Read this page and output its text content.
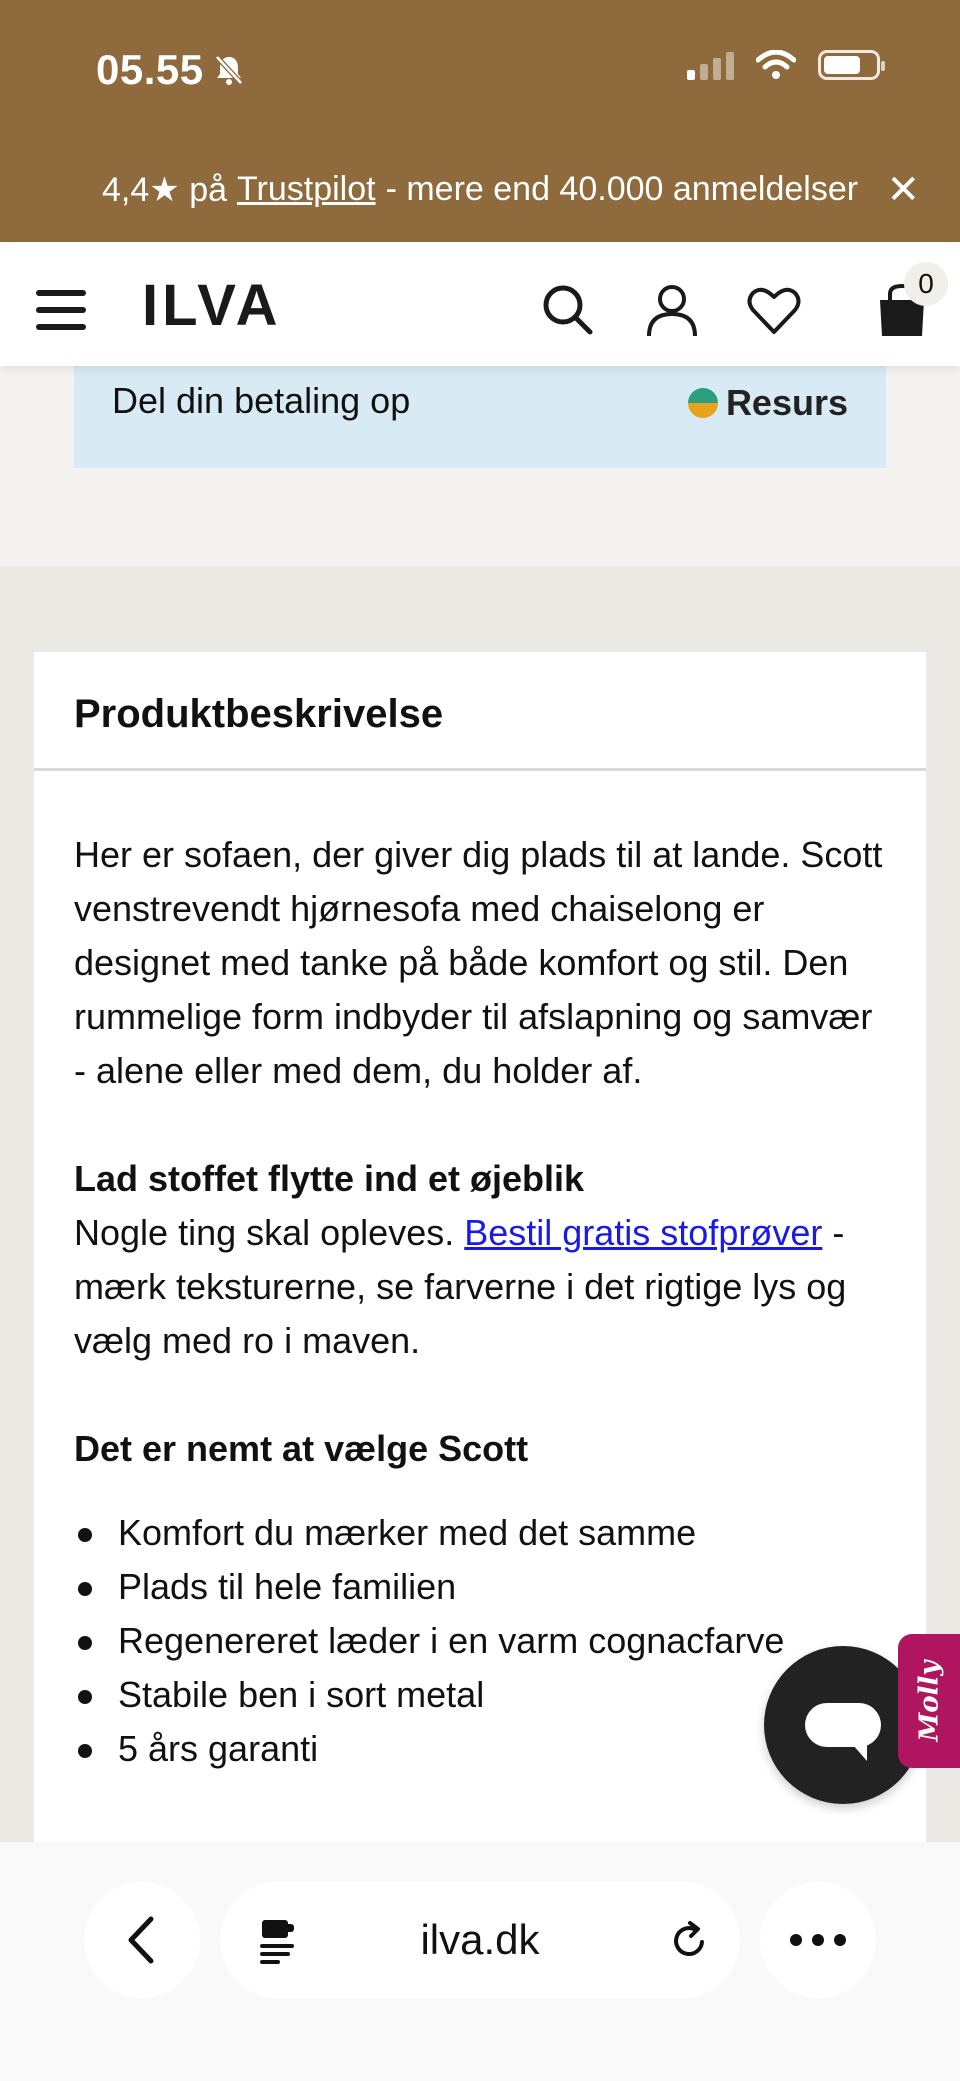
05.55
4,4★ på Trustpilot - mere end 40.000 anmeldelser ✕
ILVA	0
Del din betaling op	Resurs
Produktbeskrivelse

Her er sofaen, der giver dig plads til at lande. Scott venstrevendt hjørnesofa med chaiselong er designet med tanke på både komfort og stil. Den rummelige form indbyder til afslapning og samvær - alene eller med dem, du holder af.

Lad stoffet flytte ind et øjeblik
Nogle ting skal opleves. Bestil gratis stofprøver - mærk teksturerne, se farverne i det rigtige lys og vælg med ro i maven.

Det er nemt at vælge Scott
Komfort du mærker med det samme
Plads til hele familien
Regenereret læder i en varm cognacfarve
Stabile ben i sort metal
5 års garanti
Molly
ilva.dk
